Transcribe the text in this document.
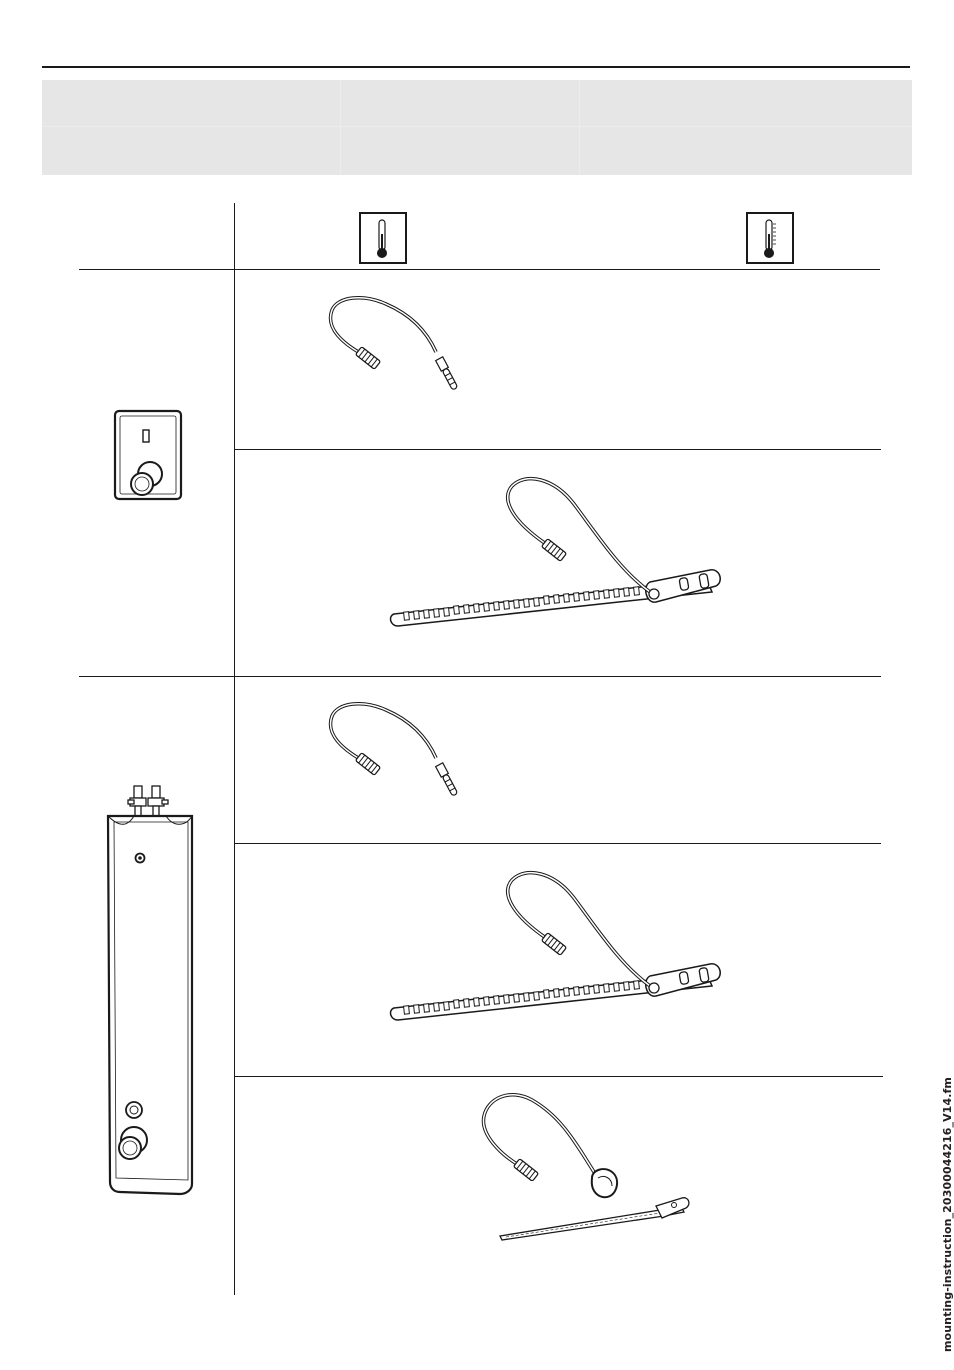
mounting-instruction_20300044216_V14.fm
